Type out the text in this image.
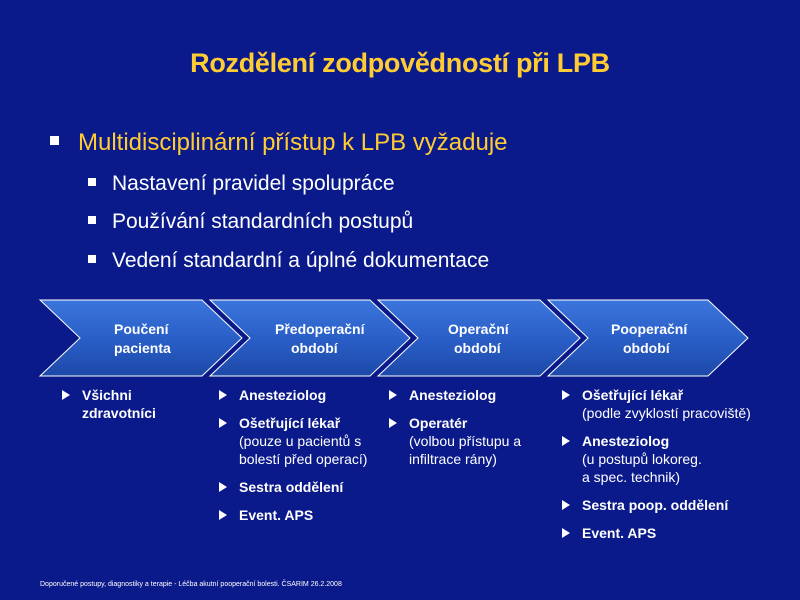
Rozdělení zodpovědností při LPB
Multidisciplinární přístup k LPB vyžaduje
Nastavení pravidel spolupráce
Používání standardních postupů
Vedení standardní a úplné dokumentace
Poučení
pacienta
Předoperační
období
Operační
období
Pooperační
období
Všichni
zdravotníci
Anesteziolog
Ošetřující lékař
(pouze u pacientů s
bolestí před operací)
Sestra oddělení
Event. APS
Anesteziolog
Operatér
(volbou přístupu a
infiltrace rány)
Ošetřující lékař
(podle zvyklostí pracoviště)
Anesteziolog
(u postupů lokoreg.
a spec. technik)
Sestra poop. oddělení
Event. APS
Doporučené postupy, diagnostiky a terapie - Léčba akutní pooperační bolesti. ČSARIM 26.2.2008
